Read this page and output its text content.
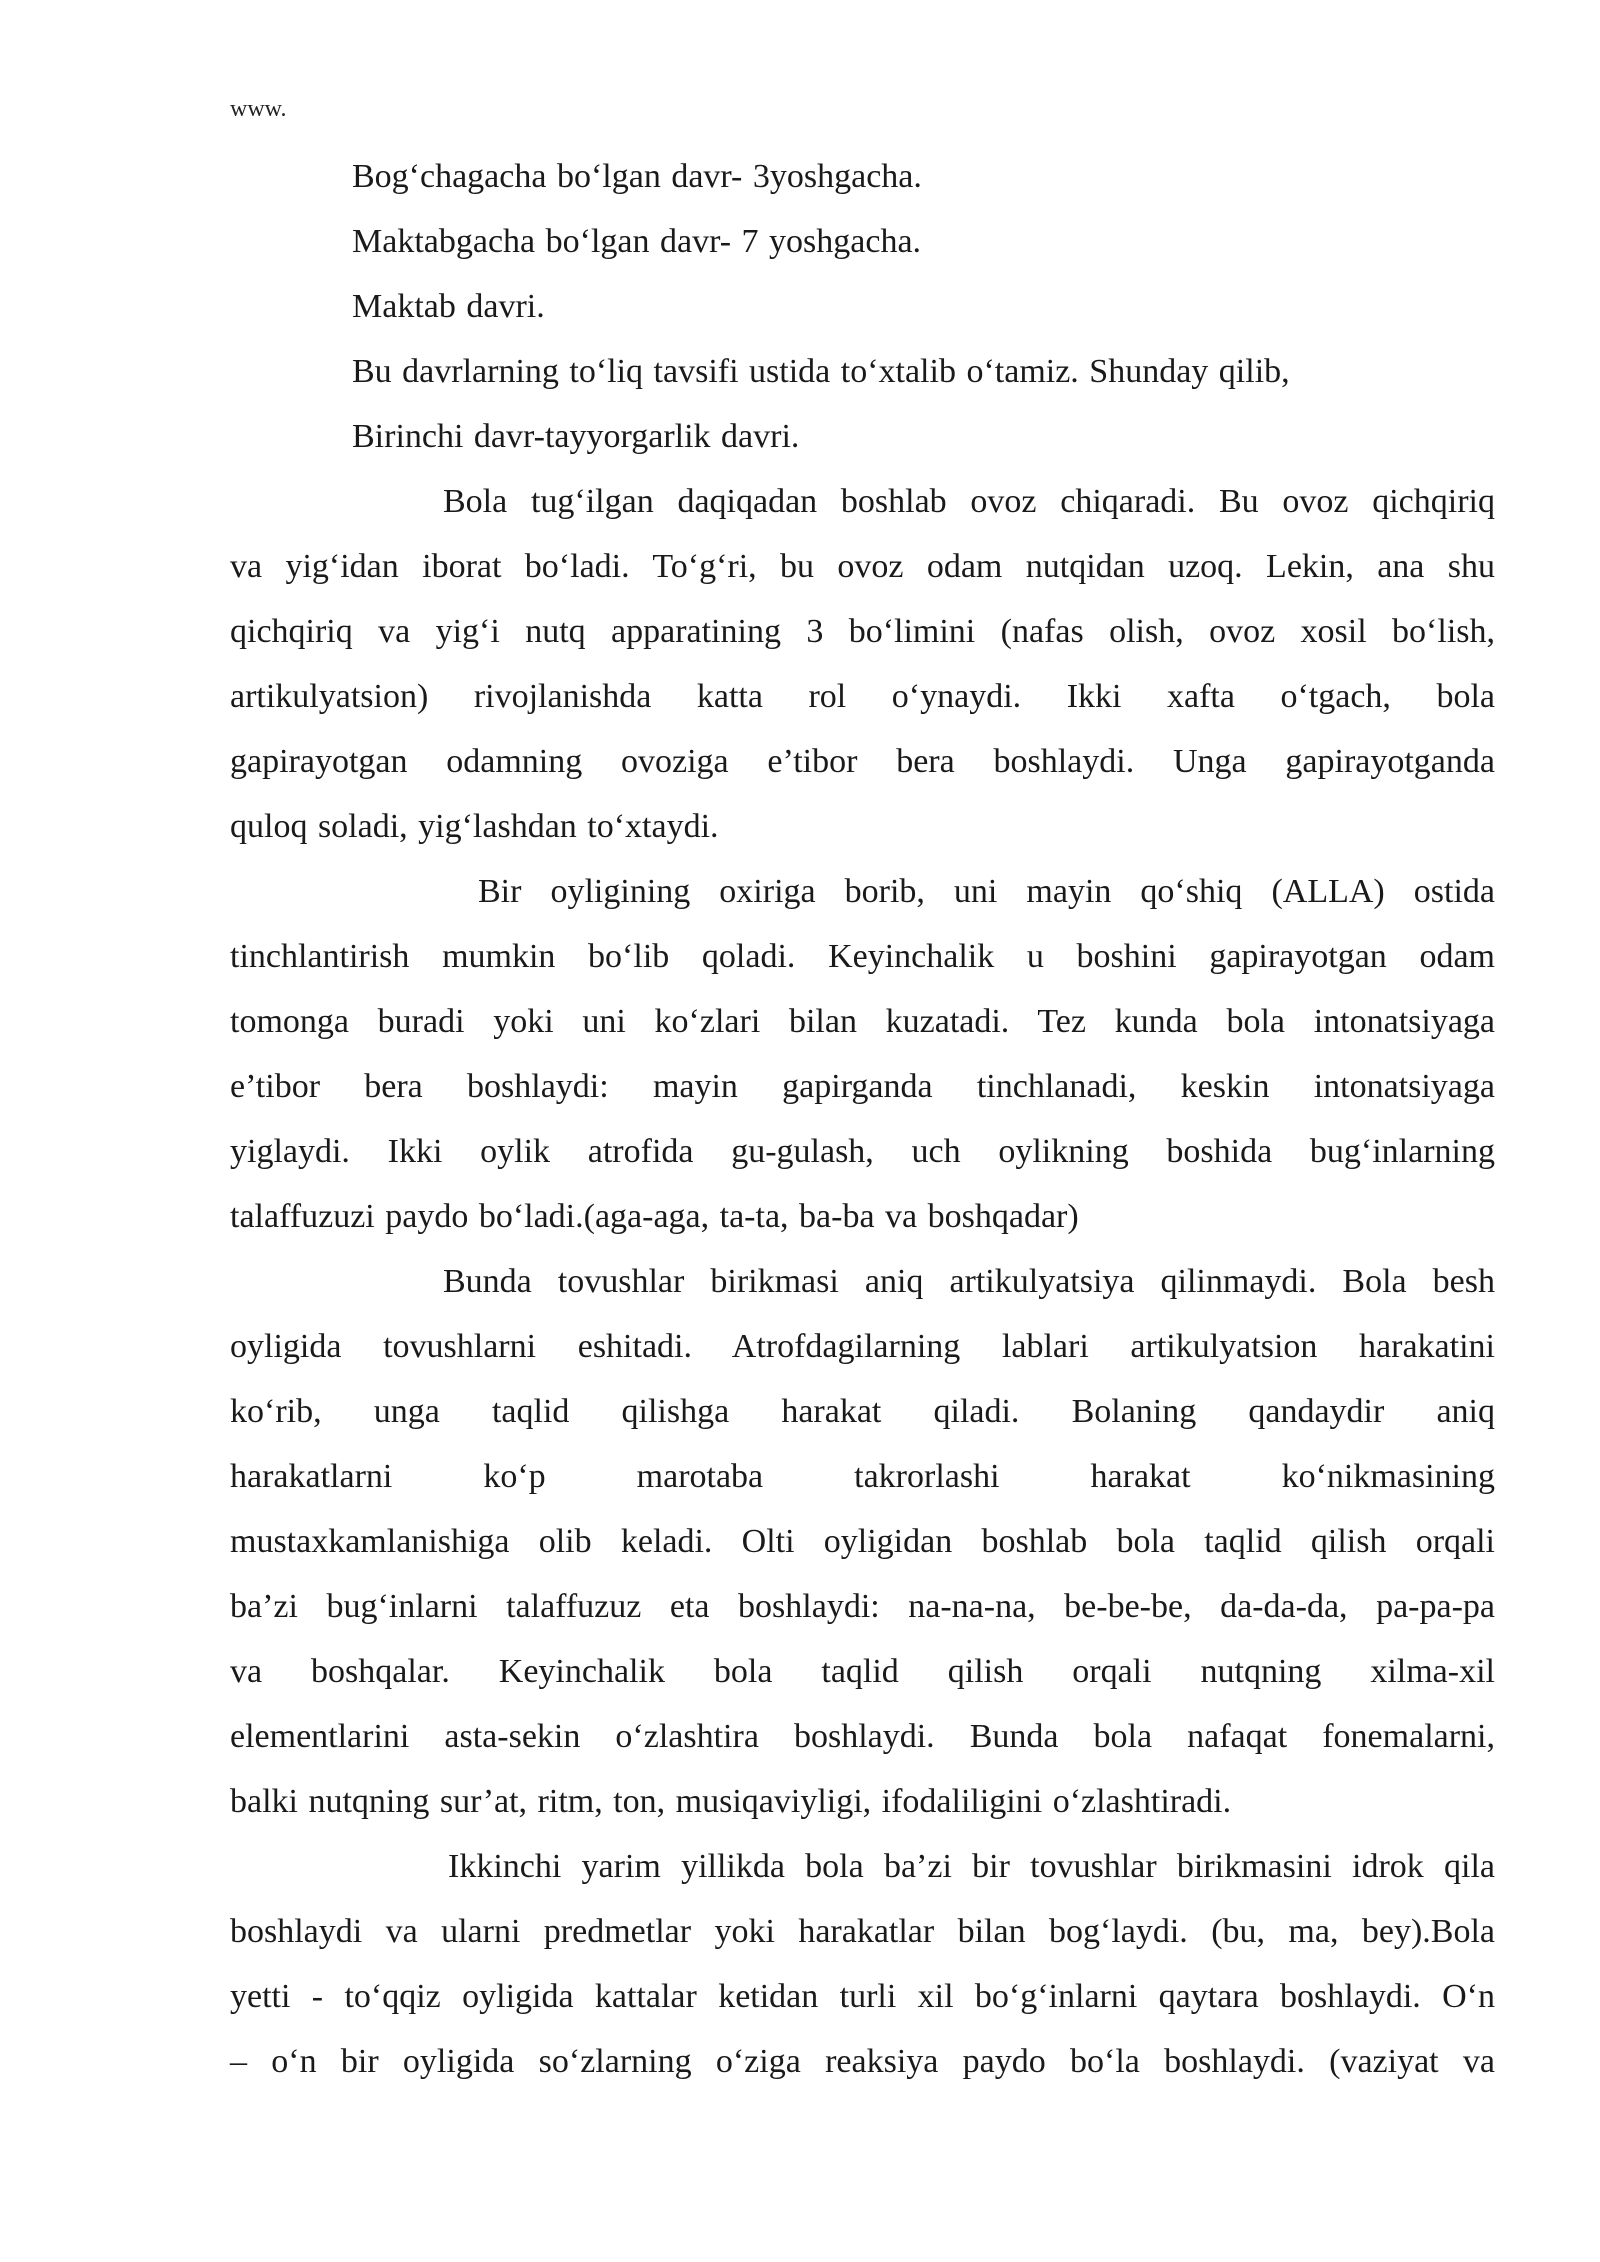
www.
Bog‘chagacha bo‘lgan davr- 3yoshgacha.
Maktabgacha bo‘lgan davr- 7 yoshgacha.
Maktab davri.
Bu davrlarning to‘liq tavsifi ustida to‘xtalib o‘tamiz. Shunday qilib,
Birinchi davr-tayyorgarlik davri.
Bola tug‘ilgan daqiqadan boshlab ovoz chiqaradi. Bu ovoz qichqiriq
va yig‘idan iborat bo‘ladi. To‘g‘ri, bu ovoz odam nutqidan uzoq. Lekin, ana shu
qichqiriq va yig‘i nutq apparatining 3 bo‘limini (nafas olish, ovoz xosil bo‘lish,
artikulyatsion) rivojlanishda katta rol o‘ynaydi. Ikki xafta o‘tgach, bola
gapirayotgan odamning ovoziga e’tibor bera boshlaydi. Unga gapirayotganda
quloq soladi, yig‘lashdan to‘xtaydi.
Bir oyligining oxiriga borib, uni mayin qo‘shiq (ALLA) ostida
tinchlantirish mumkin bo‘lib qoladi. Keyinchalik u boshini gapirayotgan odam
tomonga buradi yoki uni ko‘zlari bilan kuzatadi. Tez kunda bola intonatsiyaga
e’tibor bera boshlaydi: mayin gapirganda tinchlanadi, keskin intonatsiyaga
yiglaydi. Ikki oylik atrofida gu-gulash, uch oylikning boshida bug‘inlarning
talaffuzuzi paydo bo‘ladi.(aga-aga, ta-ta, ba-ba va boshqadar)
Bunda tovushlar birikmasi aniq artikulyatsiya qilinmaydi. Bola besh
oyligida tovushlarni eshitadi. Atrofdagilarning lablari artikulyatsion harakatini
ko‘rib, unga taqlid qilishga harakat qiladi. Bolaning qandaydir aniq
harakatlarni ko‘p marotaba takrorlashi harakat ko‘nikmasining
mustaxkamlanishiga olib keladi. Olti oyligidan boshlab bola taqlid qilish orqali
ba’zi bug‘inlarni talaffuzuz eta boshlaydi: na-na-na, be-be-be, da-da-da, pa-pa-pa
va boshqalar. Keyinchalik bola taqlid qilish orqali nutqning xilma-xil
elementlarini asta-sekin o‘zlashtira boshlaydi. Bunda bola nafaqat fonemalarni,
balki nutqning sur’at, ritm, ton, musiqaviyligi, ifodaliligini o‘zlashtiradi.
Ikkinchi yarim yillikda bola ba’zi bir tovushlar birikmasini idrok qila
boshlaydi va ularni predmetlar yoki harakatlar bilan bog‘laydi. (bu, ma, bey).Bola
yetti - to‘qqiz oyligida kattalar ketidan turli xil bo‘g‘inlarni qaytara boshlaydi. O‘n
– o‘n bir oyligida so‘zlarning o‘ziga reaksiya paydo bo‘la boshlaydi. (vaziyat va
